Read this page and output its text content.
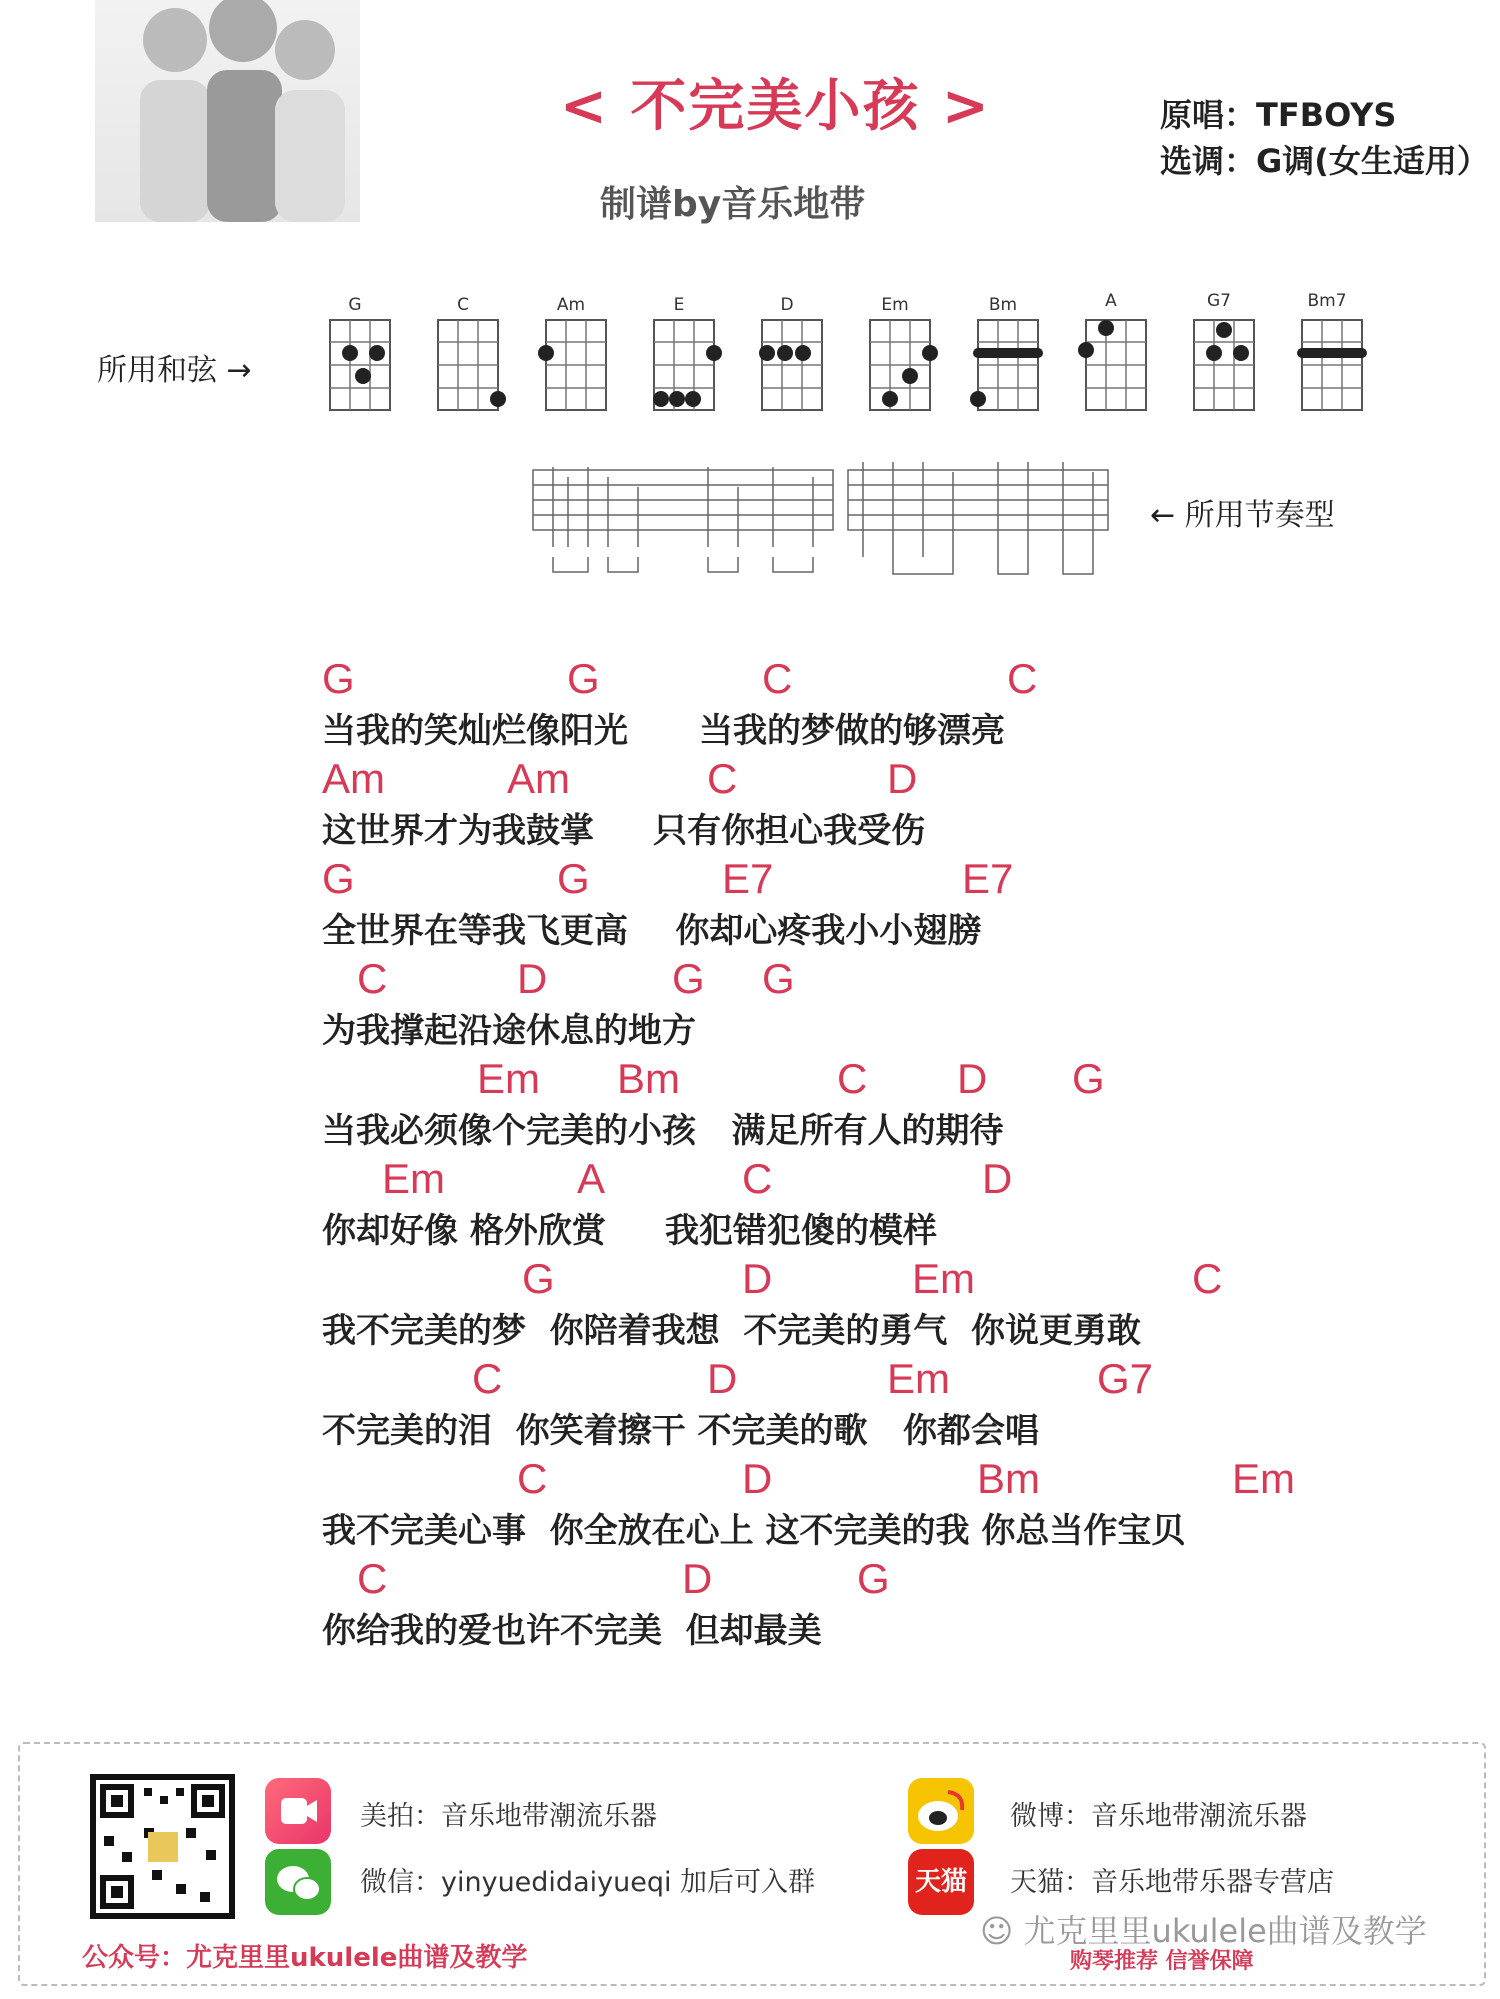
< 不完美小孩 >
制谱by音乐地带
原唱：TFBOYS
选调：G调(女生适用）
所用和弦 →
G	C	Am	E	D	Em	Bm	A	G7	Bm7
← 所用节奏型
G	G	C	C
当我的笑灿烂像阳光      当我的梦做的够漂亮
Am	Am	C	D
这世界才为我鼓掌     只有你担心我受伤
G	G	E7	E7
全世界在等我飞更高    你却心疼我小小翅膀
C	D	G G
为我撑起沿途休息的地方
Em Bm	C D G
当我必须像个完美的小孩   满足所有人的期待
Em	A	C	D
你却好像 格外欣赏     我犯错犯傻的模样
G	D	Em	C
我不完美的梦  你陪着我想  不完美的勇气  你说更勇敢
C	D	Em	G7
不完美的泪  你笑着擦干 不完美的歌   你都会唱
C	D	Bm	Em
我不完美心事  你全放在心上 这不完美的我 你总当作宝贝
C	D	G
你给我的爱也许不完美  但却最美
美拍：音乐地带潮流乐器
微信：yinyuedidaiyueqi 加后可入群
微博：音乐地带潮流乐器
天猫 天猫：音乐地带乐器专营店
公众号：尤克里里ukulele曲谱及教学
☺ 尤克里里ukulele曲谱及教学
购琴推荐 信誉保障
